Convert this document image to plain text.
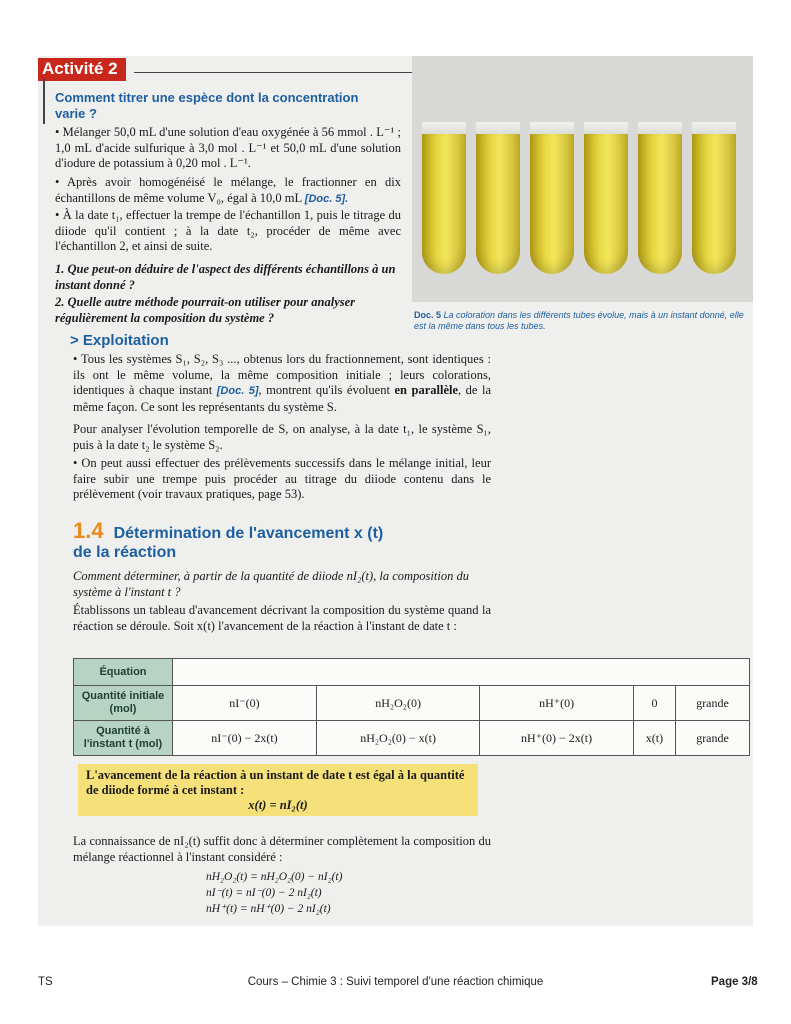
Activité 2
Comment titrer une espèce dont la concentration varie ?
• Mélanger 50,0 mL d'une solution d'eau oxygénée à 56 mmol . L⁻¹ ; 1,0 mL d'acide sulfurique à 3,0 mol . L⁻¹ et 50,0 mL d'une solution d'iodure de potassium à 0,20 mol . L⁻¹.
• Après avoir homogénéisé le mélange, le fractionner en dix échantillons de même volume V₀, égal à 10,0 mL [Doc. 5].
• À la date t₁, effectuer la trempe de l'échantillon 1, puis le titrage du diiode qu'il contient ; à la date t₂, procéder de même avec l'échantillon 2, et ainsi de suite.
1. Que peut-on déduire de l'aspect des différents échantillons à un instant donné ?
2. Quelle autre méthode pourrait-on utiliser pour analyser régulièrement la composition du système ?	Doc. 5 La coloration dans les différents tubes évolue, mais à un instant donné, elle est la même dans tous les tubes.
> Exploitation
• Tous les systèmes S₁, S₂, S₃ ..., obtenus lors du fractionnement, sont identiques : ils ont le même volume, la même composition initiale ; leurs colorations, identiques à chaque instant [Doc. 5], montrent qu'ils évoluent en parallèle, de la même façon. Ce sont les représentants du système S.
Pour analyser l'évolution temporelle de S, on analyse, à la date t₁, le système S₁, puis à la date t₂ le système S₂.
• On peut aussi effectuer des prélèvements successifs dans le mélange initial, leur faire subir une trempe puis procéder au titrage du diiode contenu dans le prélèvement (voir travaux pratiques, page 53).
1.4 Détermination de l'avancement x (t)
de la réaction
Comment déterminer, à partir de la quantité de diiode nI₂(t), la composition du système à l'instant t ?
Établissons un tableau d'avancement décrivant la composition du système quand la réaction se déroule. Soit x(t) l'avancement de la réaction à l'instant de date t :
Équation					
Quantité initiale (mol)	nI⁻(0)	nH₂O₂(0)	nH⁺(0)	0	grande
Quantité à l'instant t (mol)	nI⁻(0) − 2x(t)	nH₂O₂(0) − x(t)	nH⁺(0) − 2x(t)	x(t)	grande
L'avancement de la réaction à un instant de date t est égal à la quantité de diiode formé à cet instant :
x(t) = nI₂(t)
La connaissance de nI₂(t) suffit donc à déterminer complètement la composition du mélange réactionnel à l'instant considéré :
nH₂O₂(t) = nH₂O₂(0) − nI₂(t)
nI⁻(t) = nI⁻(0) − 2 nI₂(t)
nH⁺(t) = nH⁺(0) − 2 nI₂(t)
TS	Cours – Chimie 3 : Suivi temporel d'une réaction chimique	Page 3/8
